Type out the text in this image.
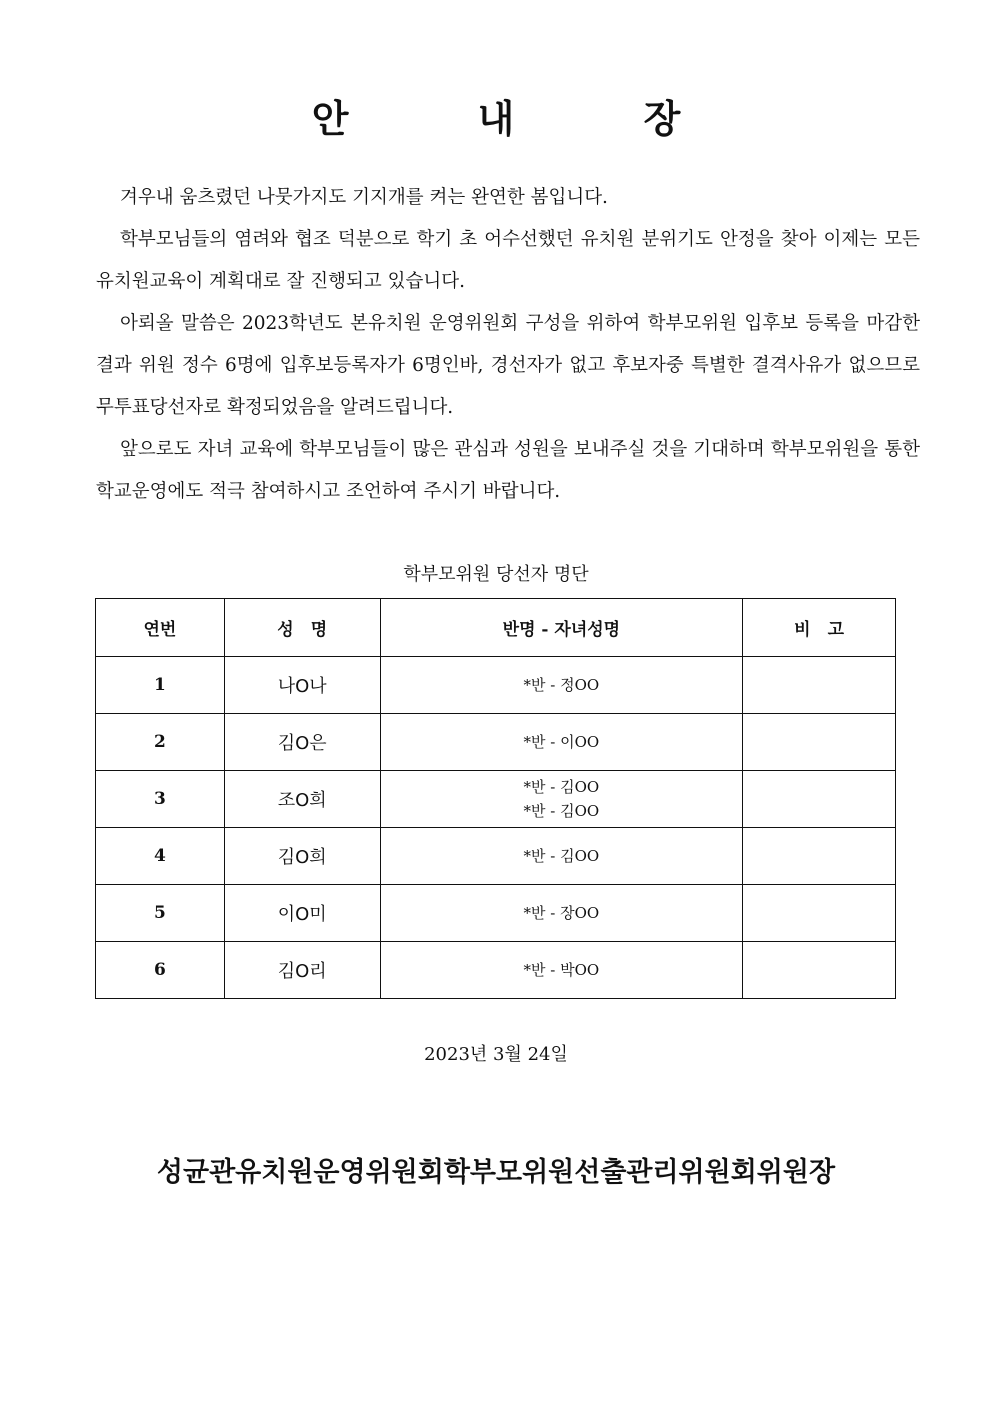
안 내 장

겨우내 움츠렸던 나뭇가지도 기지개를 켜는 완연한 봄입니다.

학부모님들의 염려와 협조 덕분으로 학기 초 어수선했던 유치원 분위기도 안정을 찾아 이제는 모든 유치원교육이 계획대로 잘 진행되고 있습니다.

아뢰올 말씀은 2023학년도 본유치원 운영위원회 구성을 위하여 학부모위원 입후보 등록을 마감한 결과 위원 정수 6명에 입후보등록자가 6명인바, 경선자가 없고 후보자중 특별한 결격사유가 없으므로 무투표당선자로 확정되었음을 알려드립니다.

앞으로도 자녀 교육에 학부모님들이 많은 관심과 성원을 보내주실 것을 기대하며 학부모위원을 통한 학교운영에도 적극 참여하시고 조언하여 주시기 바랍니다.

학부모위원 당선자 명단
연번	성　명	반명 - 자녀성명	비　고
1	나O나	*반 - 정OO	

2	김O은	*반 - 이OO	

3	조O희	*반 - 김OO
*반 - 김OO	

4	김O희	*반 - 김OO	

5	이O미	*반 - 장OO	

6	김O리	*반 - 박OO	

2023년 3월 24일
성균관유치원운영위원회학부모위원선출관리위원회위원장
